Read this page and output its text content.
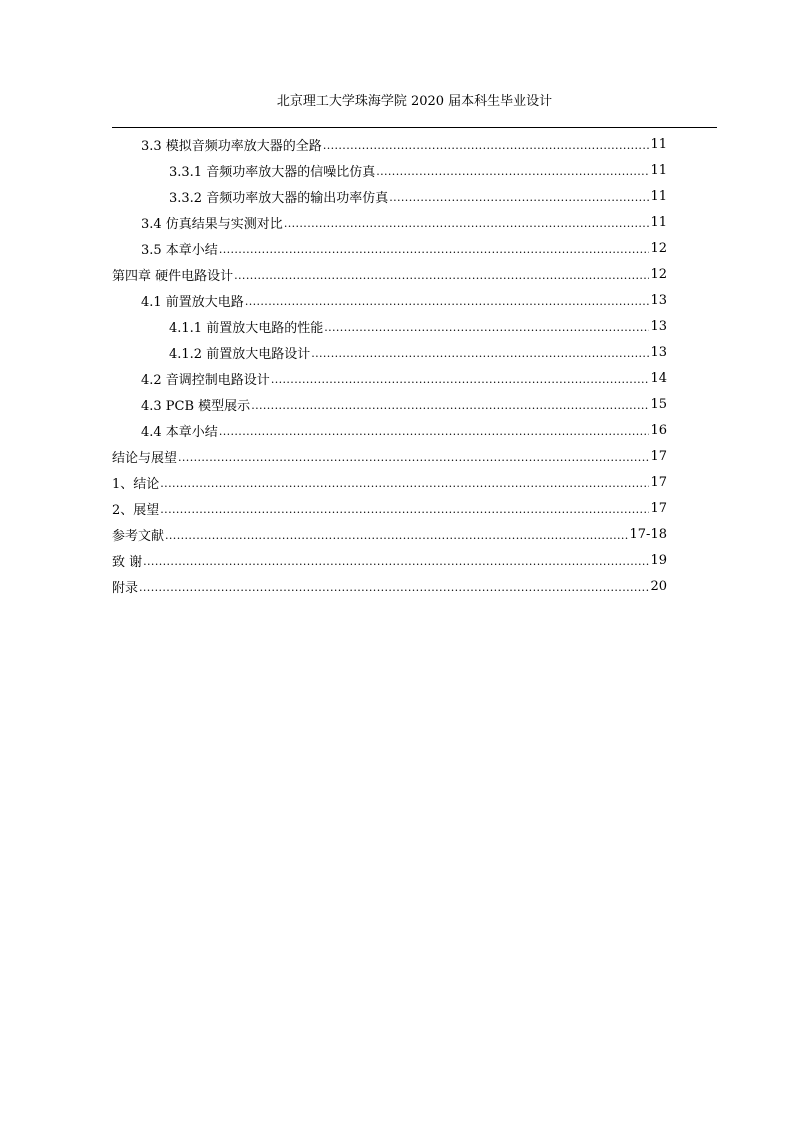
北京理工大学珠海学院 2020 届本科生毕业设计
3.3 模拟音频功率放大器的全路 .....	11
3.3.1 音频功率放大器的信噪比仿真 .....	11
3.3.2 音频功率放大器的输出功率仿真 .....	11
3.4 仿真结果与实测对比 .....	11
3.5 本章小结 .....	12
第四章 硬件电路设计 .....	12
4.1 前置放大电路 .....	13
4.1.1 前置放大电路的性能 .....	13
4.1.2 前置放大电路设计 .....	13
4.2 音调控制电路设计 .....	14
4.3 PCB 模型展示 .....	15
4.4 本章小结 .....	16
结论与展望 .....	17
1、结论 .....	17
2、展望 .....	17
参考文献 .....	17-18
致 谢 .....	19
附录 .....	20
